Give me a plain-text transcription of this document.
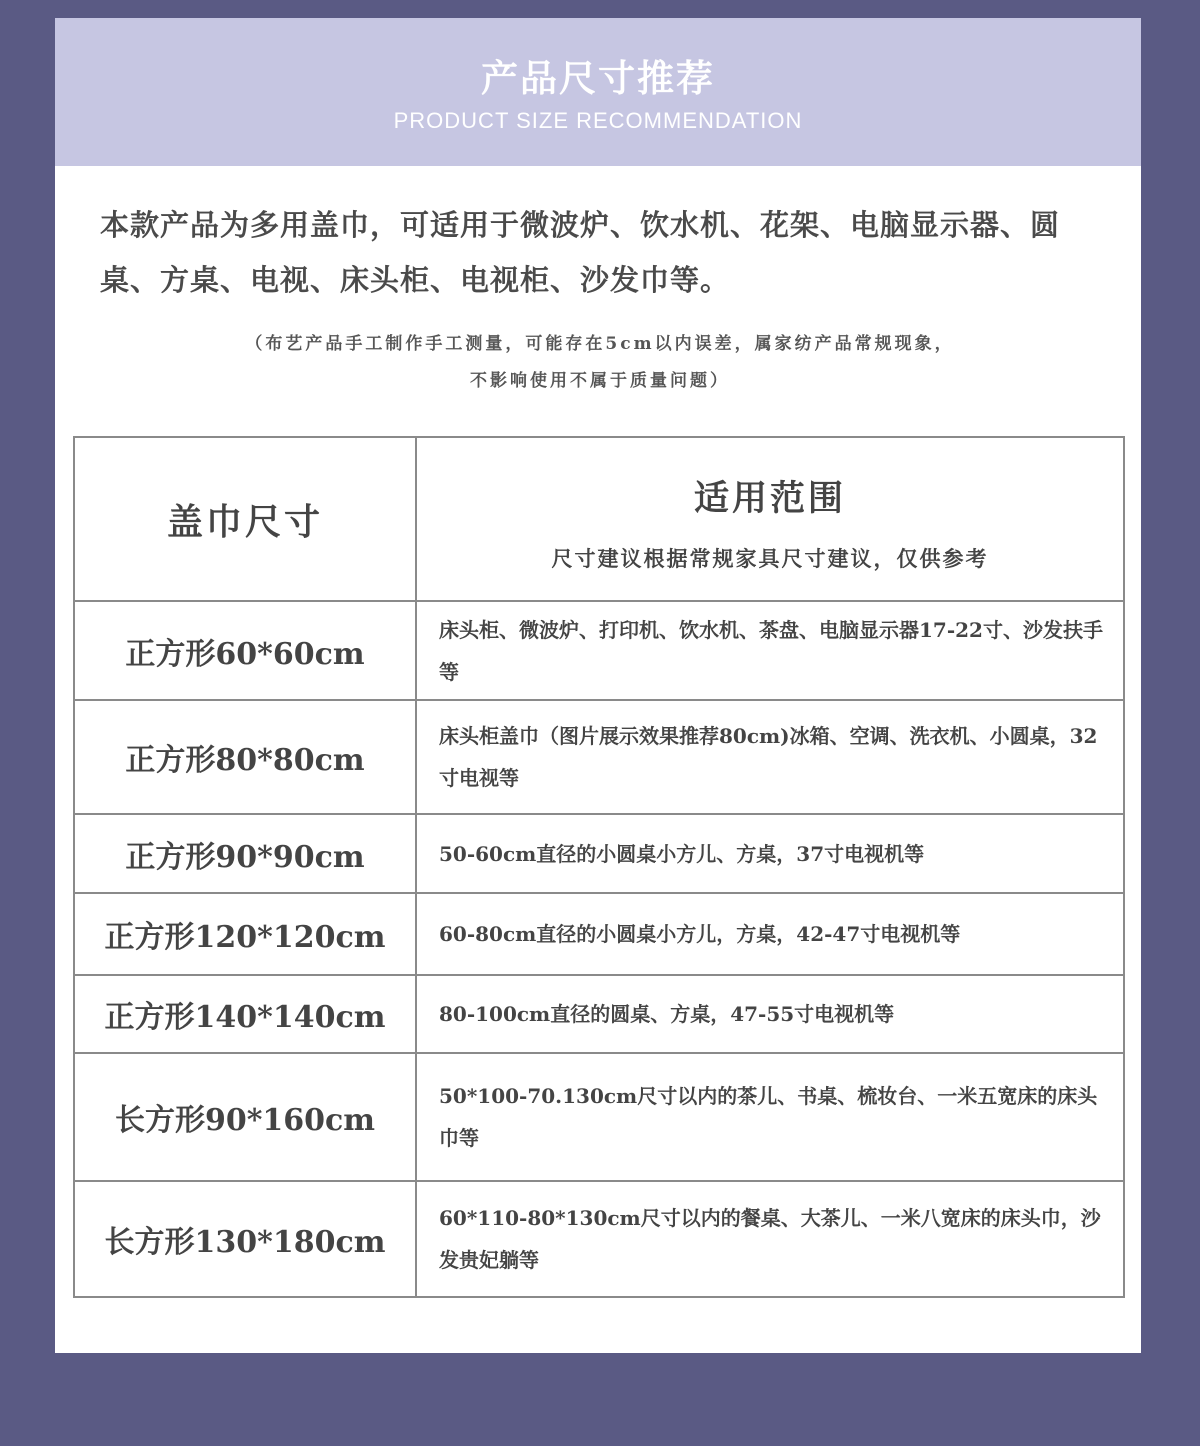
产品尺寸推荐
PRODUCT SIZE RECOMMENDATION
本款产品为多用盖巾，可适用于微波炉、饮水机、花架、电脑显示器、圆桌、方桌、电视、床头柜、电视柜、沙发巾等。
（布艺产品手工制作手工测量，可能存在5cm以内误差，属家纺产品常规现象，
不影响使用不属于质量问题）
盖巾尺寸	适用范围
尺寸建议根据常规家具尺寸建议，仅供参考

正方形60*60cm	床头柜、微波炉、打印机、饮水机、茶盘、电脑显示器17-22寸、沙发扶手等
正方形80*80cm	床头柜盖巾（图片展示效果推荐80cm)冰箱、空调、洗衣机、小圆桌，32寸电视等
正方形90*90cm	50-60cm直径的小圆桌小方儿、方桌，37寸电视机等
正方形120*120cm	60-80cm直径的小圆桌小方儿，方桌，42-47寸电视机等
正方形140*140cm	80-100cm直径的圆桌、方桌，47-55寸电视机等
长方形90*160cm	50*100-70.130cm尺寸以内的茶儿、书桌、梳妆台、一米五宽床的床头巾等
长方形130*180cm	60*110-80*130cm尺寸以内的餐桌、大茶儿、一米八宽床的床头巾，沙发贵妃躺等
